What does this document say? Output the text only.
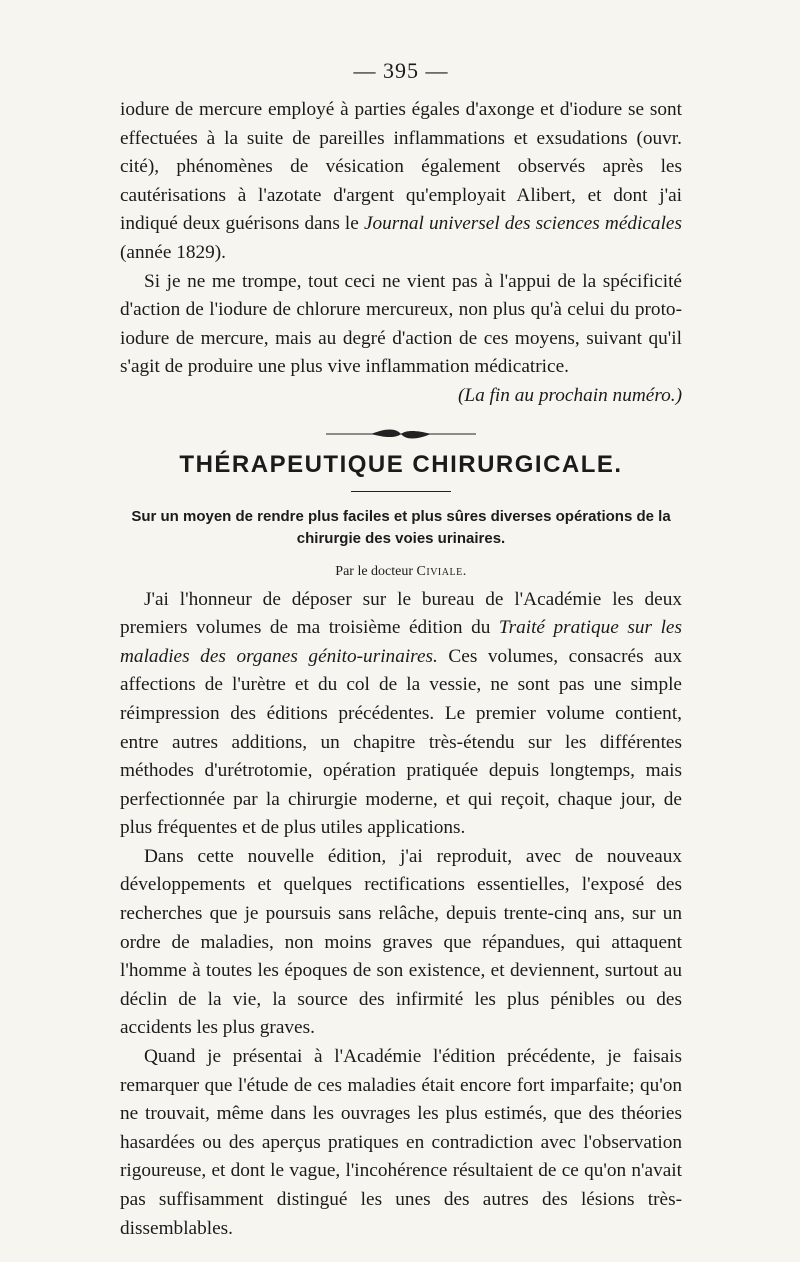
— 395 —

iodure de mercure employé à parties égales d'axonge et d'iodure se sont effectuées à la suite de pareilles inflammations et exsudations (ouvr. cité), phénomènes de vésication également observés après les cautérisations à l'azotate d'argent qu'employait Alibert, et dont j'ai indiqué deux guérisons dans le Journal universel des sciences médicales (année 1829).

Si je ne me trompe, tout ceci ne vient pas à l'appui de la spécificité d'action de l'iodure de chlorure mercureux, non plus qu'à celui du proto-iodure de mercure, mais au degré d'action de ces moyens, suivant qu'il s'agit de produire une plus vive inflammation médicatrice.

(La fin au prochain numéro.)
THÉRAPEUTIQUE CHIRURGICALE.
Sur un moyen de rendre plus faciles et plus sûres diverses opérations de la chirurgie des voies urinaires.
Par le docteur Civiale.

J'ai l'honneur de déposer sur le bureau de l'Académie les deux premiers volumes de ma troisième édition du Traité pratique sur les maladies des organes génito-urinaires. Ces volumes, consacrés aux affections de l'urètre et du col de la vessie, ne sont pas une simple réimpression des éditions précédentes. Le premier volume contient, entre autres additions, un chapitre très-étendu sur les différentes méthodes d'urétrotomie, opération pratiquée depuis longtemps, mais perfectionnée par la chirurgie moderne, et qui reçoit, chaque jour, de plus fréquentes et de plus utiles applications.

Dans cette nouvelle édition, j'ai reproduit, avec de nouveaux développements et quelques rectifications essentielles, l'exposé des recherches que je poursuis sans relâche, depuis trente-cinq ans, sur un ordre de maladies, non moins graves que répandues, qui attaquent l'homme à toutes les époques de son existence, et deviennent, surtout au déclin de la vie, la source des infirmité les plus pénibles ou des accidents les plus graves.

Quand je présentai à l'Académie l'édition précédente, je faisais remarquer que l'étude de ces maladies était encore fort imparfaite; qu'on ne trouvait, même dans les ouvrages les plus estimés, que des théories hasardées ou des aperçus pratiques en contradiction avec l'observation rigoureuse, et dont le vague, l'incohérence résultaient de ce qu'on n'avait pas suffisamment distingué les unes des autres des lésions très-dissemblables.
